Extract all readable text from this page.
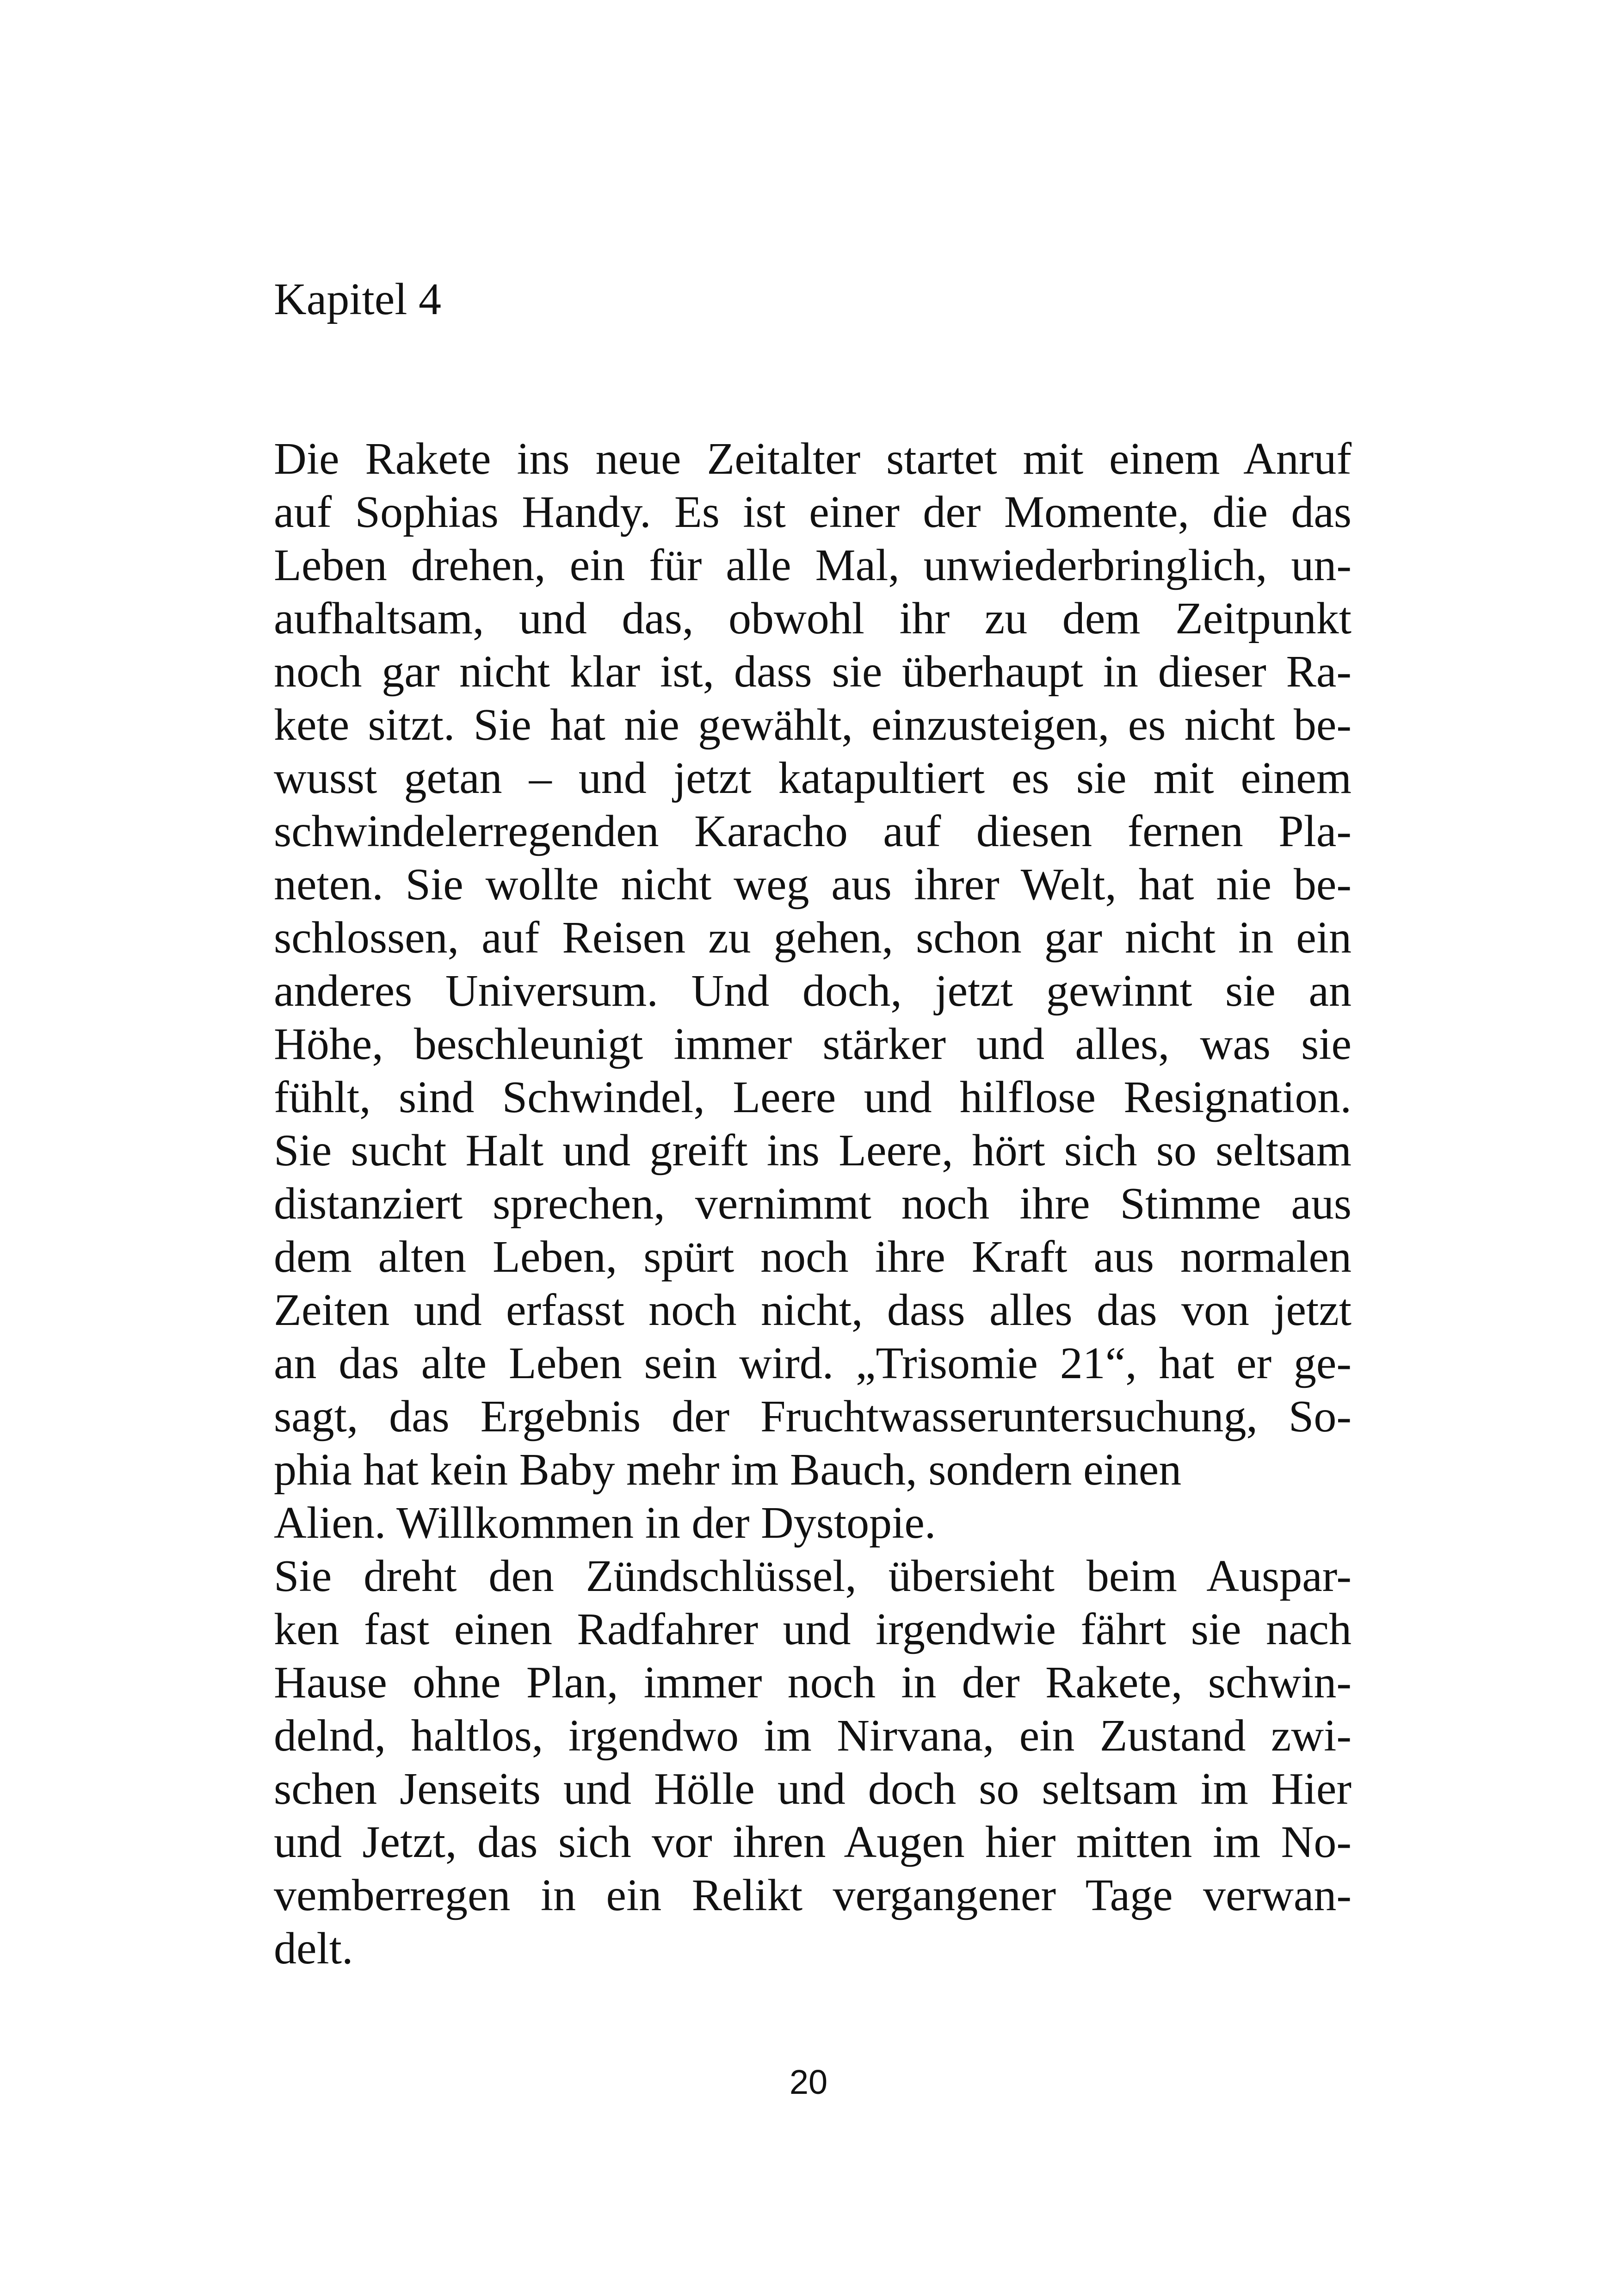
Kapitel 4
Die Rakete ins neue Zeitalter startet mit einem Anruf
auf Sophias Handy. Es ist einer der Momente, die das
Leben drehen, ein für alle Mal, unwiederbringlich, un-
aufhaltsam, und das, obwohl ihr zu dem Zeitpunkt
noch gar nicht klar ist, dass sie überhaupt in dieser Ra-
kete sitzt. Sie hat nie gewählt, einzusteigen, es nicht be-
wusst getan – und jetzt katapultiert es sie mit einem
schwindelerregenden Karacho auf diesen fernen Pla-
neten. Sie wollte nicht weg aus ihrer Welt, hat nie be-
schlossen, auf Reisen zu gehen, schon gar nicht in ein
anderes Universum. Und doch, jetzt gewinnt sie an
Höhe, beschleunigt immer stärker und alles, was sie
fühlt, sind Schwindel, Leere und hilflose Resignation.
Sie sucht Halt und greift ins Leere, hört sich so seltsam
distanziert sprechen, vernimmt noch ihre Stimme aus
dem alten Leben, spürt noch ihre Kraft aus normalen
Zeiten und erfasst noch nicht, dass alles das von jetzt
an das alte Leben sein wird. „Trisomie 21“, hat er ge-
sagt, das Ergebnis der Fruchtwasseruntersuchung, So-
phia hat kein Baby mehr im Bauch, sondern einen
Alien. Willkommen in der Dystopie.
Sie dreht den Zündschlüssel, übersieht beim Auspar-
ken fast einen Radfahrer und irgendwie fährt sie nach
Hause ohne Plan, immer noch in der Rakete, schwin-
delnd, haltlos, irgendwo im Nirvana, ein Zustand zwi-
schen Jenseits und Hölle und doch so seltsam im Hier
und Jetzt, das sich vor ihren Augen hier mitten im No-
vemberregen in ein Relikt vergangener Tage verwan-
delt.
20
